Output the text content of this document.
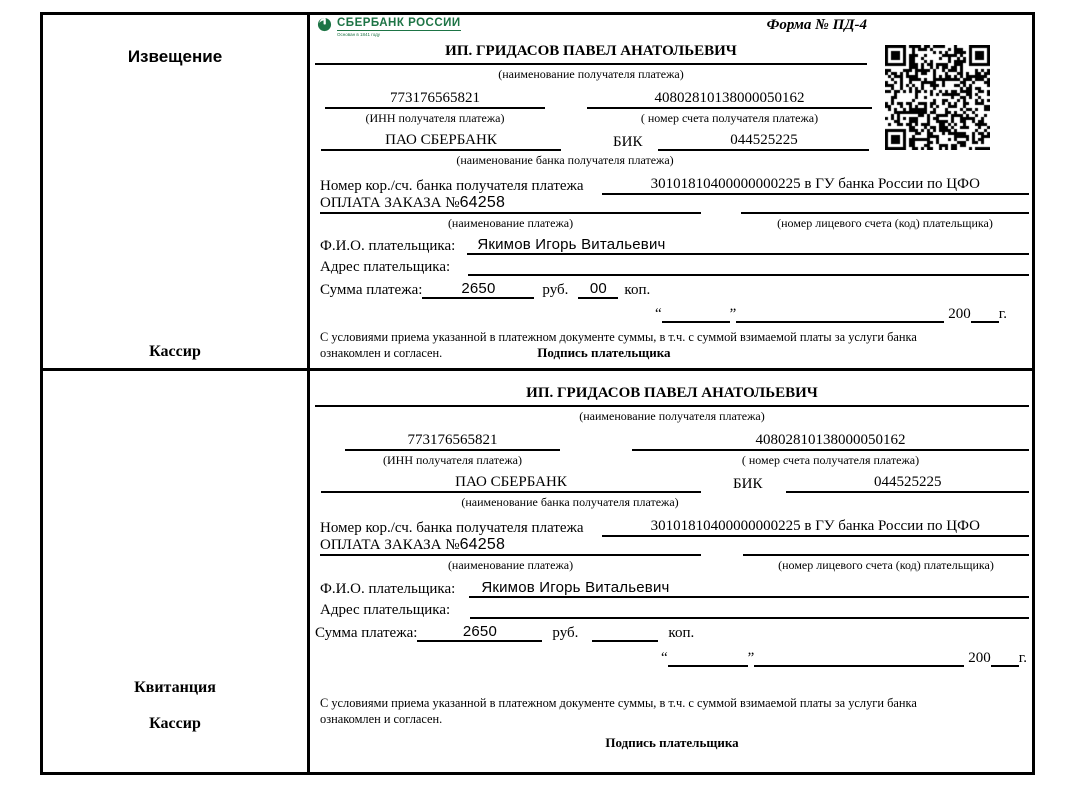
Извещение
Кассир
СБЕРБАНК РОССИИ
Основан в 1841 году
Форма № ПД-4
ИП. ГРИДАСОВ ПАВЕЛ АНАТОЛЬЕВИЧ
(наименование получателя платежа)
773176565821	40802810138000050162
(ИНН получателя платежа)	( номер счета получателя платежа)
ПАО СБЕРБАНК	БИК	044525225
(наименование банка получателя платежа)
Номер кор./сч. банка получателя платежа	30101810400000000225 в ГУ банка России по ЦФО
ОПЛАТА ЗАКАЗА № 64258
(наименование платежа)	(номер лицевого счета (код) плательщика)
Ф.И.О. плательщика:	Якимов Игорь Витальевич
Адрес плательщика:
Сумма платежа:	2650	руб.	00	коп.
“	”	200 г.
С условиями приема указанной в платежном документе суммы, в т.ч. с суммой взимаемой платы за услуги банка
ознакомлен и согласен.	Подпись плательщика
Квитанция
Кассир
ИП. ГРИДАСОВ ПАВЕЛ АНАТОЛЬЕВИЧ
(наименование получателя платежа)
773176565821	40802810138000050162
(ИНН получателя платежа)	( номер счета получателя платежа)
ПАО СБЕРБАНК	БИК	044525225
(наименование банка получателя платежа)
Номер кор./сч. банка получателя платежа	30101810400000000225 в ГУ банка России по ЦФО
ОПЛАТА ЗАКАЗА № 64258
(наименование платежа)	(номер лицевого счета (код) плательщика)
Ф.И.О. плательщика:	Якимов Игорь Витальевич
Адрес плательщика:
Сумма платежа:	2650	руб.	коп.
“	”	200 г.
С условиями приема указанной в платежном документе суммы, в т.ч. с суммой взимаемой платы за услуги банка
ознакомлен и согласен.
Подпись плательщика
